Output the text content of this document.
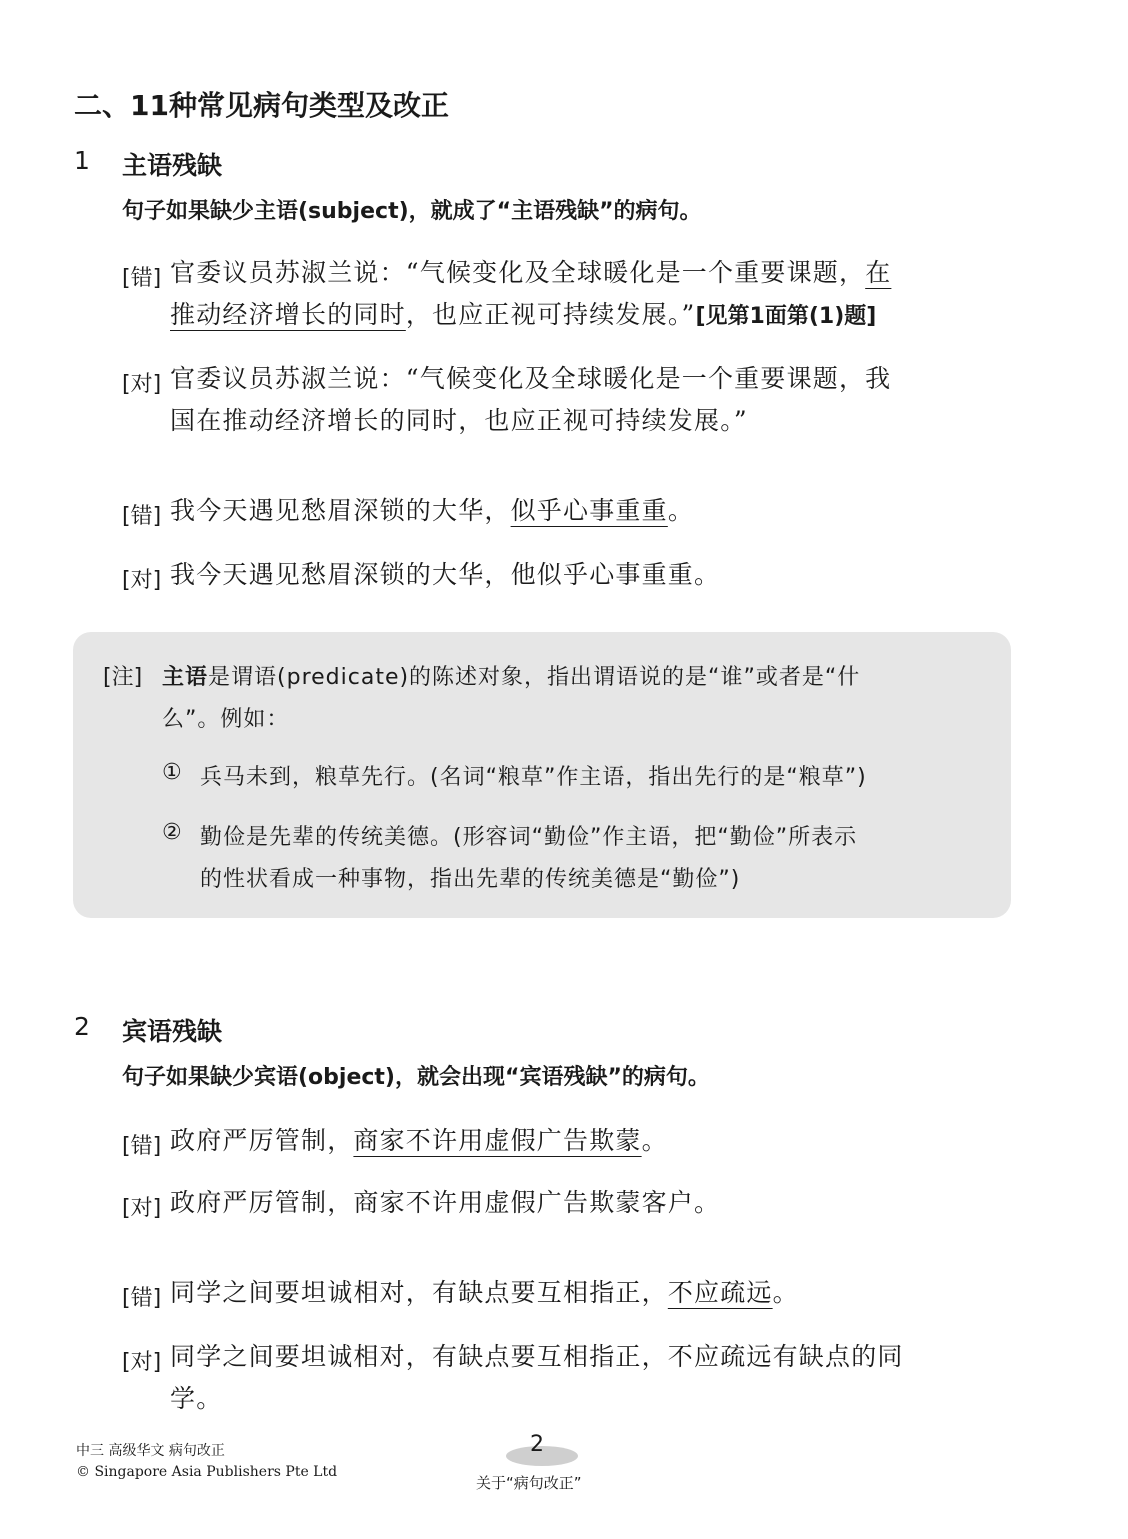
二、11种常见病句类型及改正
1 主语残缺
句子如果缺少主语(subject)，就成了“主语残缺”的病句。
[错] 官委议员苏淑兰说：“气候变化及全球暖化是一个重要课题，在
推动经济增长的同时，也应正视可持续发展。”[见第1面第(1)题]
[对] 官委议员苏淑兰说：“气候变化及全球暖化是一个重要课题，我
国在推动经济增长的同时，也应正视可持续发展。”
[错] 我今天遇见愁眉深锁的大华，似乎心事重重。
[对] 我今天遇见愁眉深锁的大华，他似乎心事重重。
[注] 主语是谓语(predicate)的陈述对象，指出谓语说的是“谁”或者是“什
么”。例如：
① 兵马未到，粮草先行。(名词“粮草”作主语，指出先行的是“粮草”)
② 勤俭是先辈的传统美德。(形容词“勤俭”作主语，把“勤俭”所表示
的性状看成一种事物，指出先辈的传统美德是“勤俭”)
2 宾语残缺
句子如果缺少宾语(object)，就会出现“宾语残缺”的病句。
[错] 政府严厉管制，商家不许用虚假广告欺蒙。
[对] 政府严厉管制，商家不许用虚假广告欺蒙客户。
[错] 同学之间要坦诚相对，有缺点要互相指正，不应疏远。
[对] 同学之间要坦诚相对，有缺点要互相指正，不应疏远有缺点的同
学。
中三 高级华文 病句改正
© Singapore Asia Publishers Pte Ltd
2
关于“病句改正”
